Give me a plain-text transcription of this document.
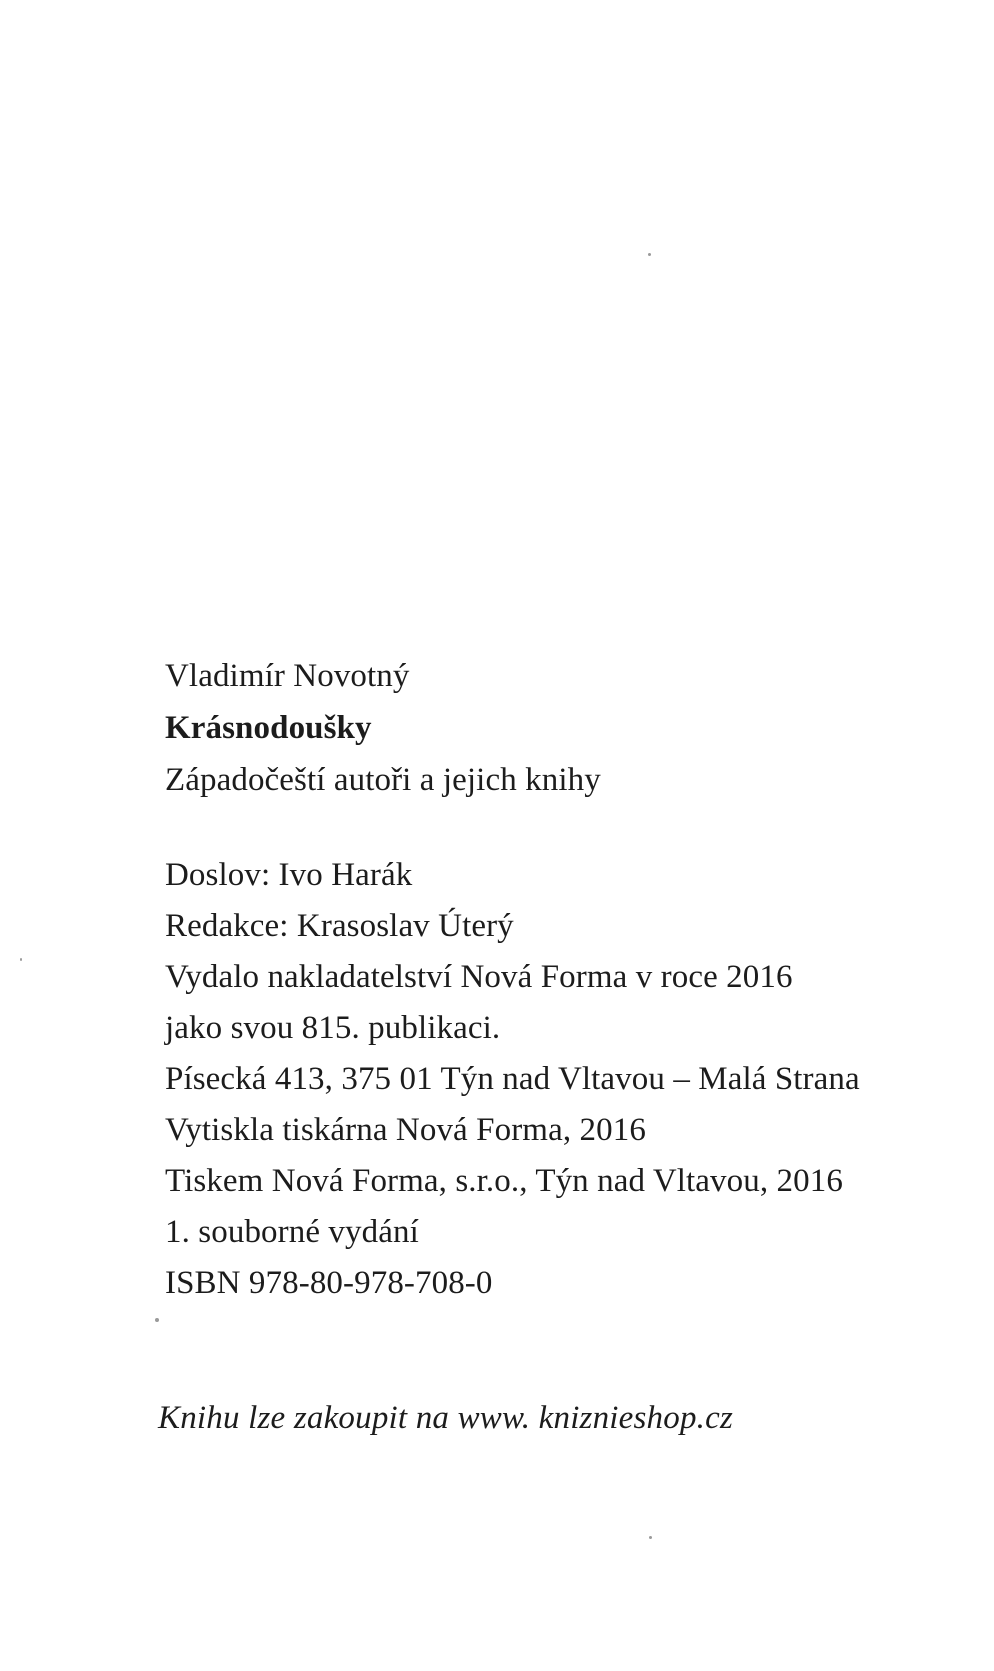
Vladimír Novotný
Krásnodoušky
Západočeští autoři a jejich knihy
Doslov: Ivo Harák
Redakce: Krasoslav Úterý
Vydalo nakladatelství Nová Forma v roce 2016
jako svou 815. publikaci.
Písecká 413, 375 01 Týn nad Vltavou – Malá Strana
Vytiskla tiskárna Nová Forma, 2016
Tiskem Nová Forma, s.r.o., Týn nad Vltavou, 2016
1. souborné vydání
ISBN 978-80-978-708-0
Knihu lze zakoupit na www. kniznieshop.cz
